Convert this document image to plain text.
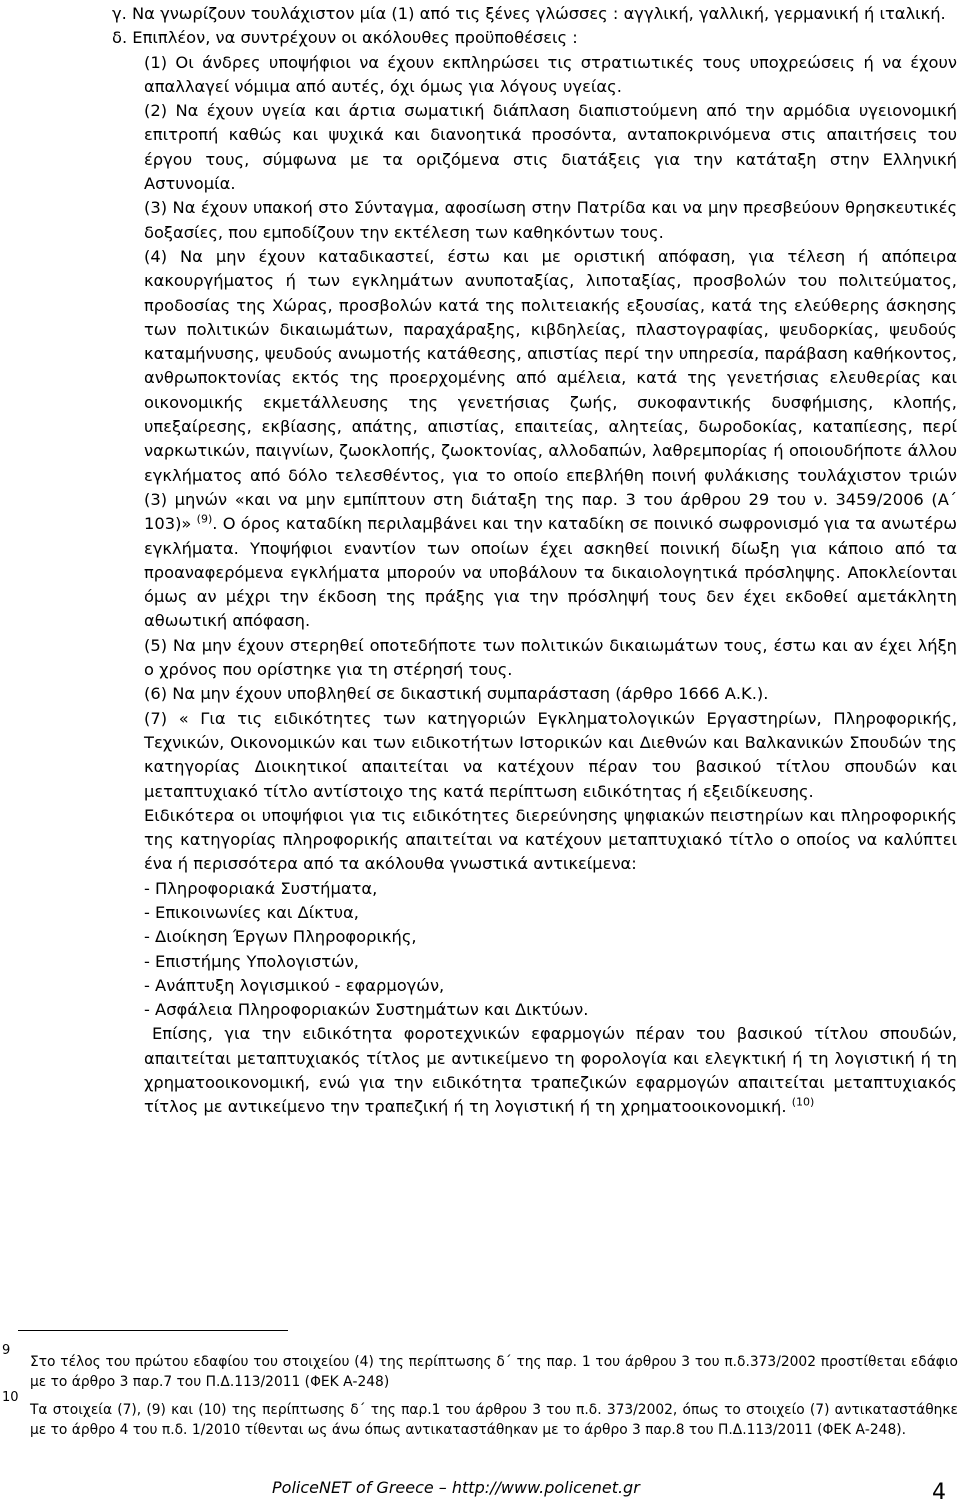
γ. Να γνωρίζουν τουλάχιστον μία (1) από τις ξένες γλώσσες : αγγλική, γαλλική, γερμανική ή ιταλική.

δ. Επιπλέον, να συντρέχουν οι ακόλουθες προϋποθέσεις :

(1) Οι άνδρες υποψήφιοι να έχουν εκπληρώσει τις στρατιωτικές τους υποχρεώσεις ή να έχουν απαλλαγεί νόμιμα από αυτές, όχι όμως για λόγους υγείας.

(2) Να έχουν υγεία και άρτια σωματική διάπλαση διαπιστούμενη από την αρμόδια υγειονομική επιτροπή καθώς και ψυχικά και διανοητικά προσόντα, ανταποκρινόμενα στις απαιτήσεις του έργου τους, σύμφωνα με τα οριζόμενα στις διατάξεις για την κατάταξη στην Ελληνική Αστυνομία.

(3) Να έχουν υπακοή στο Σύνταγμα, αφοσίωση στην Πατρίδα και να μην πρεσβεύουν θρησκευτικές δοξασίες, που εμποδίζουν την εκτέλεση των καθηκόντων τους.

(4) Να μην έχουν καταδικαστεί, έστω και με οριστική απόφαση, για τέλεση ή απόπειρα κακουργήματος ή των εγκλημάτων ανυποταξίας, λιποταξίας, προσβολών του πολιτεύματος, προδοσίας της Χώρας, προσβολών κατά της πολιτειακής εξουσίας, κατά της ελεύθερης άσκησης των πολιτικών δικαιωμάτων, παραχάραξης, κιβδηλείας, πλαστογραφίας, ψευδορκίας, ψευδούς καταμήνυσης, ψευδούς ανωμοτής κατάθεσης, απιστίας περί την υπηρεσία, παράβαση καθήκοντος, ανθρωποκτονίας εκτός της προερχομένης από αμέλεια, κατά της γενετήσιας ελευθερίας και οικονομικής εκμετάλλευσης της γενετήσιας ζωής, συκοφαντικής δυσφήμισης, κλοπής, υπεξαίρεσης, εκβίασης, απάτης, απιστίας, επαιτείας, αλητείας, δωροδοκίας, καταπίεσης, περί ναρκωτικών, παιγνίων, ζωοκλοπής, ζωοκτονίας, αλλοδαπών, λαθρεμπορίας ή οποιουδήποτε άλλου εγκλήματος από δόλο τελεσθέντος, για το οποίο επεβλήθη ποινή φυλάκισης τουλάχιστον τριών (3) μηνών «και να μην εμπίπτουν στη διάταξη της παρ. 3 του άρθρου 29 του ν. 3459/2006 (Α΄ 103)» $^{(9)}$. Ο όρος καταδίκη περιλαμβάνει και την καταδίκη σε ποινικό σωφρονισμό για τα ανωτέρω εγκλήματα. Υποψήφιοι εναντίον των οποίων έχει ασκηθεί ποινική δίωξη για κάποιο από τα προαναφερόμενα εγκλήματα μπορούν να υποβάλουν τα δικαιολογητικά πρόσληψης. Αποκλείονται όμως αν μέχρι την έκδοση της πράξης για την πρόσληψή τους δεν έχει εκδοθεί αμετάκλητη αθωωτική απόφαση.

(5) Να μην έχουν στερηθεί οποτεδήποτε των πολιτικών δικαιωμάτων τους, έστω και αν έχει λήξη ο χρόνος που ορίστηκε για τη στέρησή τους.

(6) Να μην έχουν υποβληθεί σε δικαστική συμπαράσταση (άρθρο 1666 Α.Κ.).

(7) « Για τις ειδικότητες των κατηγοριών Εγκληματολογικών Εργαστηρίων, Πληροφορικής, Τεχνικών, Οικονομικών και των ειδικοτήτων Ιστορικών και Διεθνών και Βαλκανικών Σπουδών της κατηγορίας Διοικητικοί απαιτείται να κατέχουν πέραν του βασικού τίτλου σπουδών και μεταπτυχιακό τίτλο αντίστοιχο της κατά περίπτωση ειδικότητας ή εξειδίκευσης.

Ειδικότερα οι υποψήφιοι για τις ειδικότητες διερεύνησης ψηφιακών πειστηρίων και πληροφορικής της κατηγορίας πληροφορικής απαιτείται να κατέχουν μεταπτυχιακό τίτλο ο οποίος να καλύπτει ένα ή περισσότερα από τα ακόλουθα γνωστικά αντικείμενα:

- Πληροφοριακά Συστήματα,

- Επικοινωνίες και Δίκτυα,

- Διοίκηση Έργων Πληροφορικής,

- Επιστήμης Υπολογιστών,

- Ανάπτυξη λογισμικού - εφαρμογών,

- Ασφάλεια Πληροφοριακών Συστημάτων και Δικτύων.

Επίσης, για την ειδικότητα φοροτεχνικών εφαρμογών πέραν του βασικού τίτλου σπουδών, απαιτείται μεταπτυχιακός τίτλος με αντικείμενο τη φορολογία και ελεγκτική ή τη λογιστική ή τη χρηματοοικονομική, ενώ για την ειδικότητα τραπεζικών εφαρμογών απαιτείται μεταπτυχιακός τίτλος με αντικείμενο την τραπεζική ή τη λογιστική ή τη χρηματοοικονομική. $^{(10)}$

9
Στο τέλος του πρώτου εδαφίου του στοιχείου (4) της περίπτωσης δ΄ της παρ. 1 του άρθρου 3 του π.δ.373/2002 προστίθεται εδάφιο με το άρθρο 3 παρ.7 του Π.Δ.113/2011 (ΦΕΚ Α-248)
10
Τα στοιχεία (7), (9) και (10) της περίπτωσης δ΄ της παρ.1 του άρθρου 3 του π.δ. 373/2002, όπως το στοιχείο (7) αντικαταστάθηκε με το άρθρο 4 του π.δ. 1/2010 τίθενται ως άνω όπως αντικαταστάθηκαν με το άρθρο 3 παρ.8 του Π.Δ.113/2011 (ΦΕΚ Α-248).
PoliceNET of Greece – http://www.policenet.gr	4
